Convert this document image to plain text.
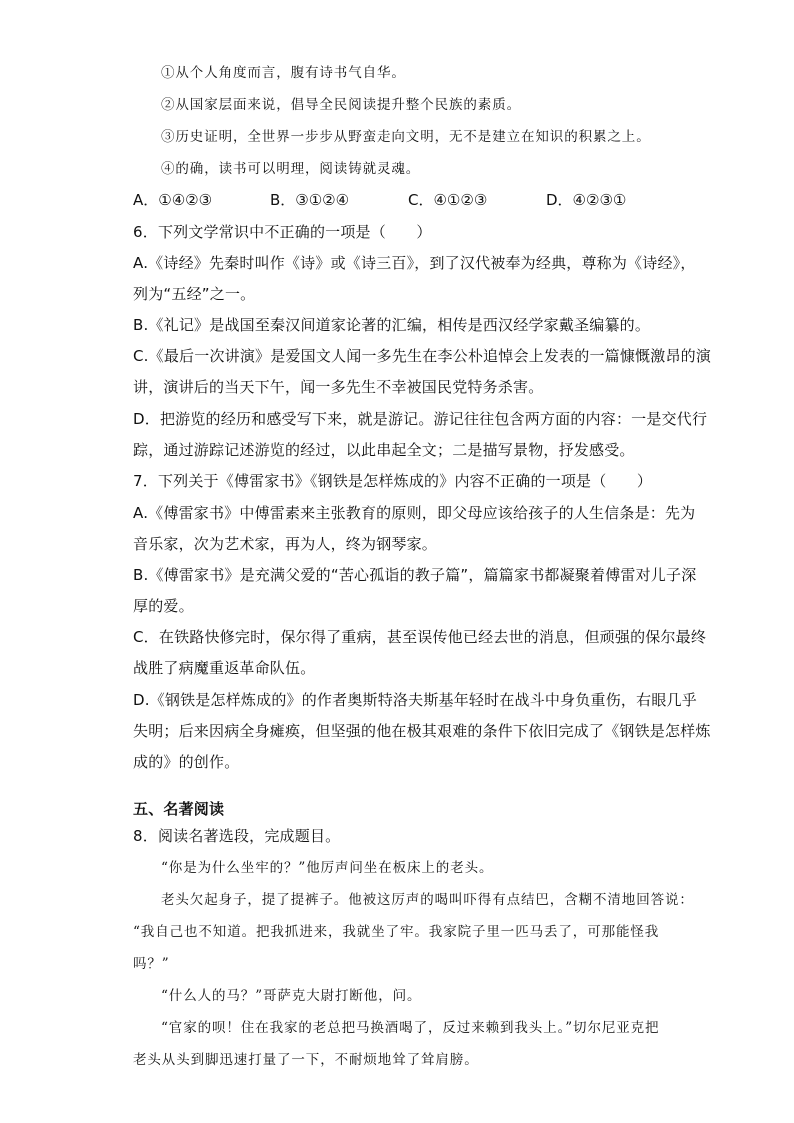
①从个人角度而言，腹有诗书气自华。
②从国家层面来说，倡导全民阅读提升整个民族的素质。
③历史证明，全世界一步步从野蛮走向文明，无不是建立在知识的积累之上。
④的确，读书可以明理，阅读铸就灵魂。
A．①④②③	B．③①②④	C．④①②③	D．④②③①
6．下列文学常识中不正确的一项是（　　）
A.《诗经》先秦时叫作《诗》或《诗三百》，到了汉代被奉为经典，尊称为《诗经》，
列为“五经”之一。
B.《礼记》是战国至秦汉间道家论著的汇编，相传是西汉经学家戴圣编纂的。
C.《最后一次讲演》是爱国文人闻一多先生在李公朴追悼会上发表的一篇慷慨激昂的演
讲，演讲后的当天下午，闻一多先生不幸被国民党特务杀害。
D．把游览的经历和感受写下来，就是游记。游记往往包含两方面的内容：一是交代行
踪，通过游踪记述游览的经过，以此串起全文；二是描写景物，抒发感受。
7．下列关于《傅雷家书》《钢铁是怎样炼成的》内容不正确的一项是（　　）
A.《傅雷家书》中傅雷素来主张教育的原则，即父母应该给孩子的人生信条是：先为
音乐家，次为艺术家，再为人，终为钢琴家。
B.《傅雷家书》是充满父爱的“苦心孤诣的教子篇”，篇篇家书都凝聚着傅雷对儿子深
厚的爱。
C．在铁路快修完时，保尔得了重病，甚至误传他已经去世的消息，但顽强的保尔最终
战胜了病魔重返革命队伍。
D.《钢铁是怎样炼成的》的作者奥斯特洛夫斯基年轻时在战斗中身负重伤，右眼几乎
失明；后来因病全身瘫痪，但坚强的他在极其艰难的条件下依旧完成了《钢铁是怎样炼
成的》的创作。
五、名著阅读
8．阅读名著选段，完成题目。
“你是为什么坐牢的？”他厉声问坐在板床上的老头。
老头欠起身子，提了提裤子。他被这厉声的喝叫吓得有点结巴，含糊不清地回答说：
“我自己也不知道。把我抓进来，我就坐了牢。我家院子里一匹马丢了，可那能怪我
吗？”
“什么人的马？”哥萨克大尉打断他，问。
“官家的呗！住在我家的老总把马换酒喝了，反过来赖到我头上。”切尔尼亚克把
老头从头到脚迅速打量了一下，不耐烦地耸了耸肩膀。
